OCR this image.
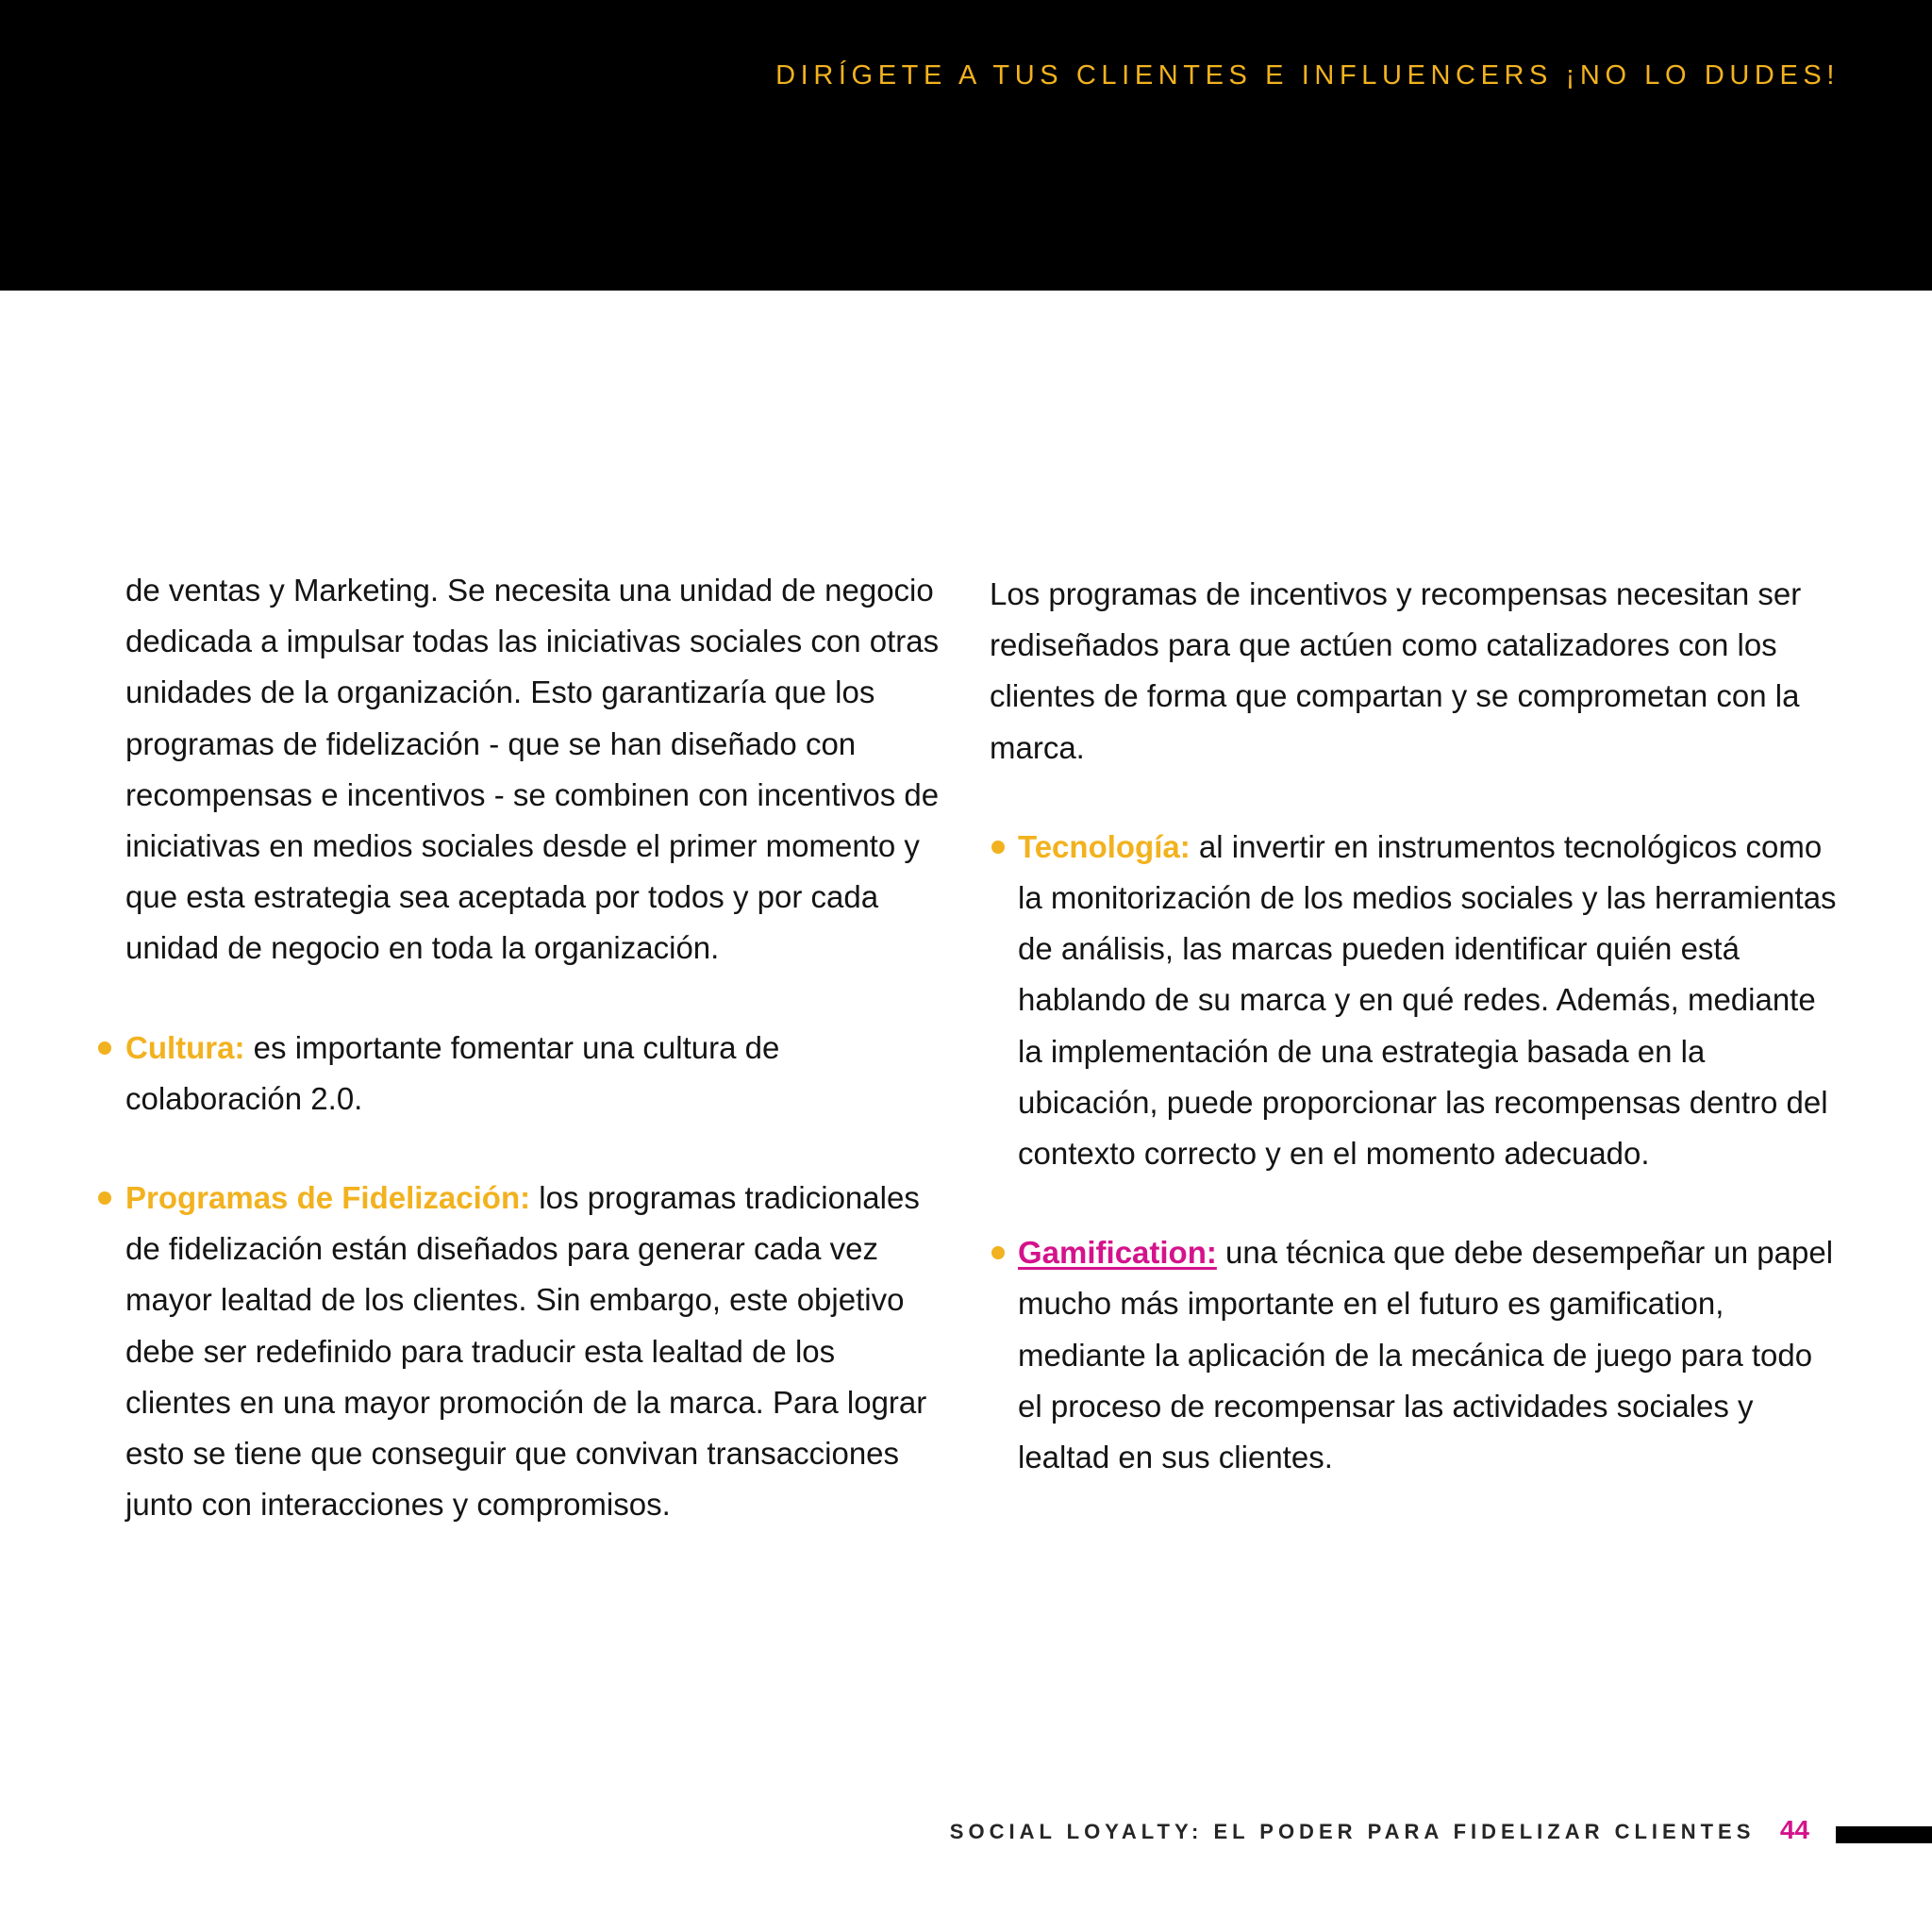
DIRÍGETE A TUS CLIENTES E INFLUENCERS ¡NO LO DUDES!

de ventas y Marketing. Se necesita una unidad de negocio dedicada a impulsar todas las iniciativas sociales con otras unidades de la organización. Esto garantizaría que los programas de fidelización - que se han diseñado con recompensas e incentivos - se combinen con incentivos de iniciativas en medios sociales desde el primer momento y que esta estrategia sea aceptada por todos y por cada unidad de negocio en toda la organización.

Cultura: es importante fomentar una cultura de colaboración 2.0.

Programas de Fidelización: los programas tradicionales de fidelización están diseñados para generar cada vez mayor lealtad de los clientes. Sin embargo, este objetivo debe ser redefinido para traducir esta lealtad de los clientes en una mayor promoción de la marca. Para lograr esto se tiene que conseguir que convivan transacciones junto con interacciones y compromisos.

Los programas de incentivos y recompensas necesitan ser rediseñados para que actúen como catalizadores con los clientes de forma que compartan y se comprometan con la marca.

Tecnología: al invertir en instrumentos tecnológicos como la monitorización de los medios sociales y las herramientas de análisis, las marcas pueden identificar quién está hablando de su marca y en qué redes. Además, mediante la implementación de una estrategia basada en la ubicación, puede proporcionar las recompensas dentro del contexto correcto y en el momento adecuado.

Gamification: una técnica que debe desempeñar un papel mucho más importante en el futuro es gamification, mediante la aplicación de la mecánica de juego para todo el proceso de recompensar las actividades sociales y lealtad en sus clientes.

SOCIAL LOYALTY: EL PODER PARA FIDELIZAR CLIENTES 44
